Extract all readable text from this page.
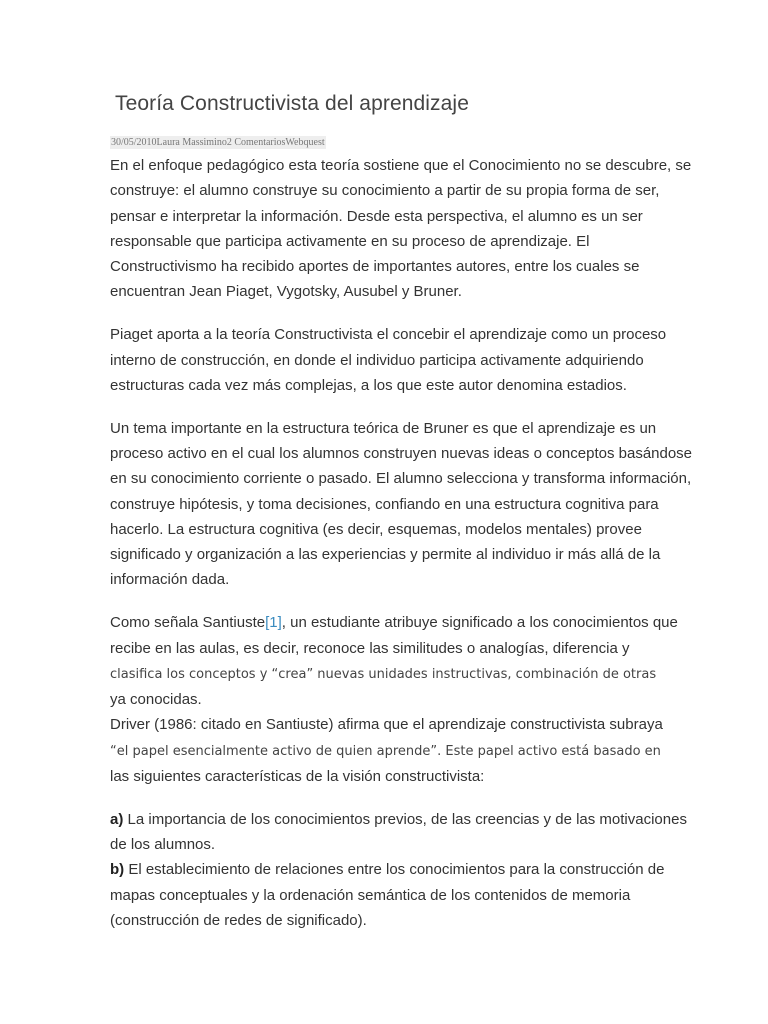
Teoría Constructivista del aprendizaje
30/05/2010Laura Massimino2 ComentariosWebquest

En el enfoque pedagógico esta teoría sostiene que el Conocimiento no se descubre, se construye: el alumno construye su conocimiento a partir de su propia forma de ser, pensar e interpretar la información. Desde esta perspectiva, el alumno es un ser responsable que participa activamente en su proceso de aprendizaje. El Constructivismo ha recibido aportes de importantes autores, entre los cuales se encuentran Jean Piaget, Vygotsky, Ausubel y Bruner.

Piaget aporta a la teoría Constructivista el concebir el aprendizaje como un proceso interno de construcción, en donde el individuo participa activamente adquiriendo estructuras cada vez más complejas, a los que este autor denomina estadios.

Un tema importante en la estructura teórica de Bruner es que el aprendizaje es un proceso activo en el cual los alumnos construyen nuevas ideas o conceptos basándose en su conocimiento corriente o pasado. El alumno selecciona y transforma información, construye hipótesis, y toma decisiones, confiando en una estructura cognitiva para hacerlo. La estructura cognitiva (es decir, esquemas, modelos mentales) provee significado y organización a las experiencias y permite al individuo ir más allá de la información dada.

Como señala Santiuste[1], un estudiante atribuye significado a los conocimientos que recibe en las aulas, es decir, reconoce las similitudes o analogías, diferencia y
clasifica los conceptos y “crea” nuevas unidades instructivas, combinación de otras
ya conocidas.

Driver (1986: citado en Santiuste) afirma que el aprendizaje constructivista subraya
“el papel esencialmente activo de quien aprende”. Este papel activo está basado en
las siguientes características de la visión constructivista:

a) La importancia de los conocimientos previos, de las creencias y de las motivaciones de los alumnos.

b) El establecimiento de relaciones entre los conocimientos para la construcción de mapas conceptuales y la ordenación semántica de los contenidos de memoria (construcción de redes de significado).
